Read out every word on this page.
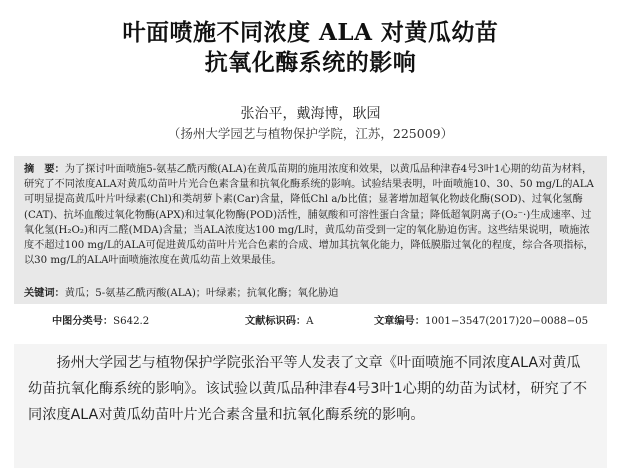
叶面喷施不同浓度 ALA 对黄瓜幼苗
抗氧化酶系统的影响
张治平，戴海博，耿园
（扬州大学园艺与植物保护学院，江苏，225009）
摘　要：为了探讨叶面喷施5-氨基乙酰丙酸(ALA)在黄瓜苗期的施用浓度和效果，以黄瓜品种津春4号3叶1心期的幼苗为材料，研究了不同浓度ALA对黄瓜幼苗叶片光合色素含量和抗氧化酶系统的影响。试验结果表明，叶面喷施10、30、50 mg/L的ALA可明显提高黄瓜叶片叶绿素(Chl)和类胡萝卜素(Car)含量，降低Chl a/b比值；显著增加超氧化物歧化酶(SOD)、过氧化氢酶(CAT)、抗坏血酸过氧化物酶(APX)和过氧化物酶(POD)活性，脯氨酸和可溶性蛋白含量；降低超氧阴离子(O₂⁻·)生成速率、过氧化氢(H₂O₂)和丙二醛(MDA)含量；当ALA浓度达100 mg/L时，黄瓜幼苗受到一定的氧化胁迫伤害。这些结果说明，喷施浓度不超过100 mg/L的ALA可促进黄瓜幼苗叶片光合色素的合成、增加其抗氧化能力，降低膜脂过氧化的程度，综合各项指标，以30 mg/L的ALA叶面喷施浓度在黄瓜幼苗上效果最佳。
关键词：黄瓜；5-氨基乙酰丙酸(ALA)；叶绿素；抗氧化酶；氧化胁迫
中图分类号：S642.2	文献标识码：A	文章编号：1001−3547(2017)20−0088−05

扬州大学园艺与植物保护学院张治平等人发表了文章《叶面喷施不同浓度ALA对黄瓜幼苗抗氧化酶系统的影响》。该试验以黄瓜品种津春4号3叶1心期的幼苗为试材，研究了不同浓度ALA对黄瓜幼苗叶片光合素含量和抗氧化酶系统的影响。
